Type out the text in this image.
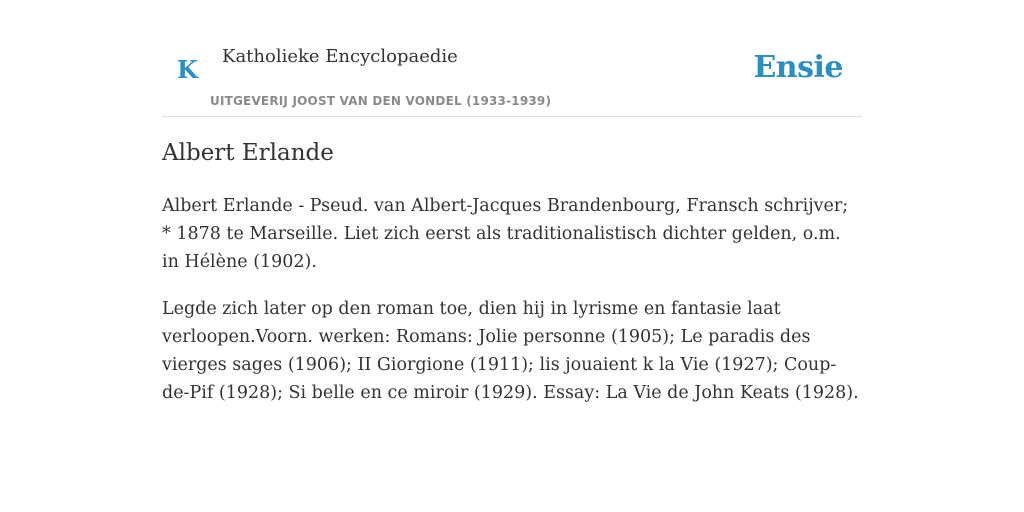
K Katholieke Encyclopaedie
UITGEVERIJ JOOST VAN DEN VONDEL (1933-1939)
Ensie
Albert Erlande

Albert Erlande - Pseud. van Albert-Jacques Brandenbourg, Fransch schrijver; * 1878 te Marseille. Liet zich eerst als traditionalistisch dichter gelden, o.m. in Hélène (1902).

Legde zich later op den roman toe, dien hij in lyrisme en fantasie laat verloopen.Voorn. werken: Romans: Jolie personne (1905); Le paradis des vierges sages (1906); II Giorgione (1911); lis jouaient k la Vie (1927); Coup-de-Pif (1928); Si belle en ce miroir (1929). Essay: La Vie de John Keats (1928).
